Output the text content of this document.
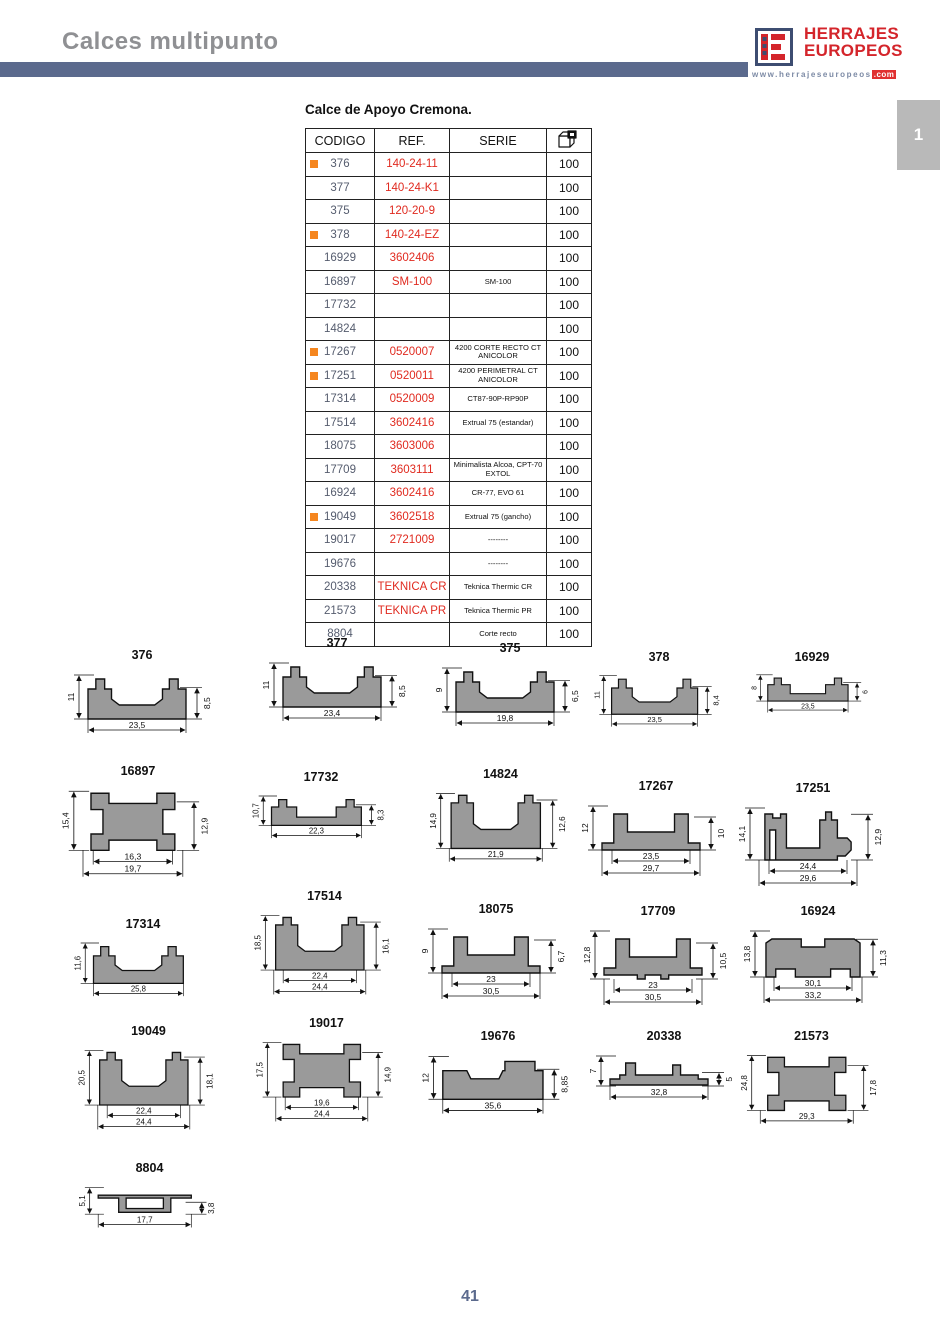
Calces multipunto	HERRAJES
EUROPEOS
www.herrajeseuropeos .com
1
Calce de Apoyo Cremona.
CODIGO	REF.	SERIE	

376	140-24-11		100
377	140-24-K1		100
375	120-20-9		100

378	140-24-EZ		100
16929	3602406		100
16897	SM-100	SM-100	100
17732			100
14824			100

17267	0520007	4200 CORTE RECTO CT ANICOLOR	100

17251	0520011	4200 PERIMETRAL CT ANICOLOR	100
17314	0520009	CT87-90P-RP90P	100
17514	3602416	Extrual 75 (estandar)	100
18075	3603006		100
17709	3603111	Minimalista Alcoa, CPT-70 EXTOL	100
16924	3602416	CR-77, EVO 61	100

19049	3602518	Extrual 75 (gancho)	100
19017	2721009	--------	100
19676		--------	100
20338	TEKNICA CR	Teknica Thermic CR	100
21573	TEKNICA PR	Teknica Thermic PR	100
8804		Corte recto	100
376
11
8,5
23,5
377
11
8,5
23,4
375
9
6,5
19,8
378
11
8,4
23,5
16929
8
6
23,5
16897
15,4	12,9
16,3
19,7
17732
10,7	8,3
22,3
14824
14,9	12,6
21,9
17267
12
10
23,5
29,7
17251
14,1	12,9
24,4
29,6
17314
11,6
25,8
17514
18,5	16,1
22,4
24,4
18075
9	6,7
23
30,5
17709
12,8	10,5
23
30,5
16924
13,8	11,3
30,1
33,2
19049
20,5	18,1
22,4
24,4
19017
17,5	14,9
19,6
24,4
19676
12	8,85
35,6
20338
7
5
32,8
21573
24,8	17,8
29,3
8804
5,1
3,8
17,7
41
